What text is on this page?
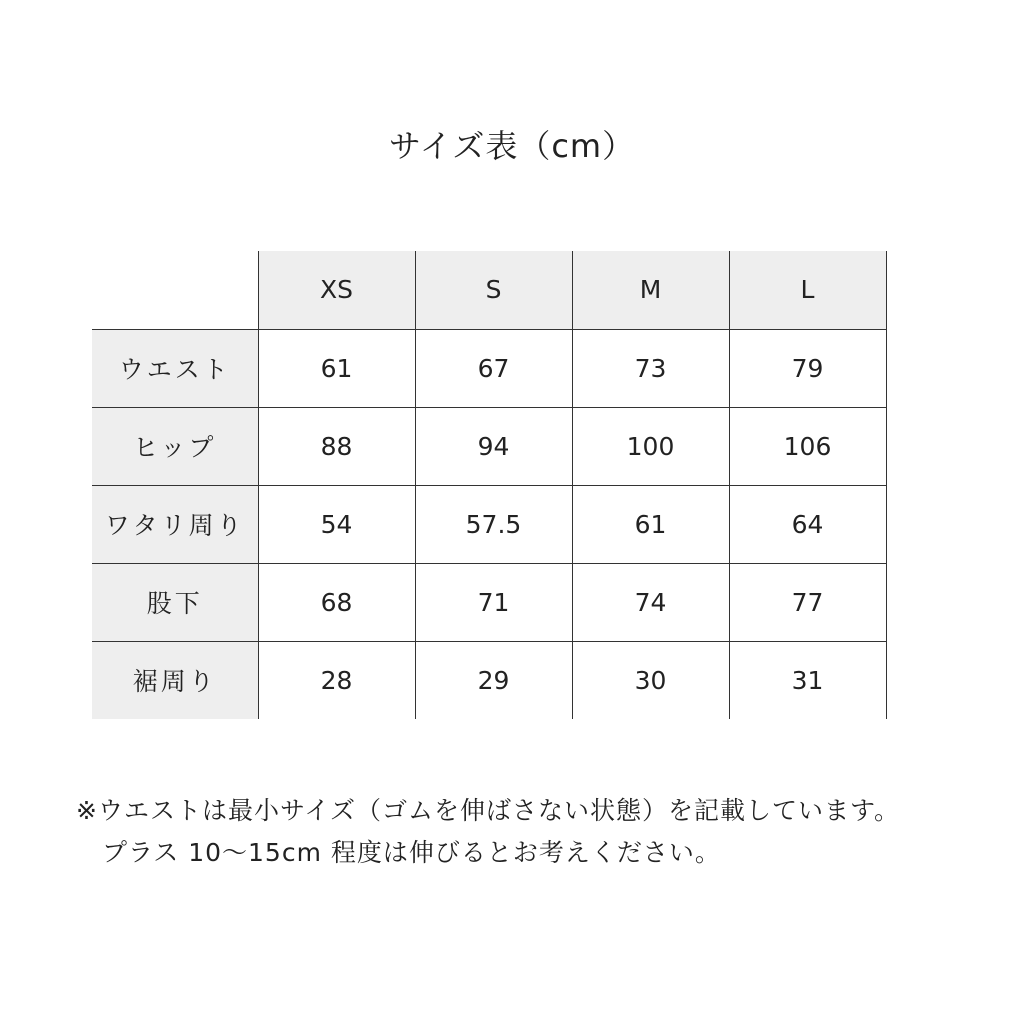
サイズ表（cm）
	XS	S	M	L
ウエスト	61	67	73	79
ヒップ	88	94	100	106
ワタリ周り	54	57.5	61	64
股下	68	71	74	77
裾周り	28	29	30	31
※ウエストは最小サイズ（ゴムを伸ばさない状態）を記載しています。
プラス 10～15cm 程度は伸びるとお考えください。
